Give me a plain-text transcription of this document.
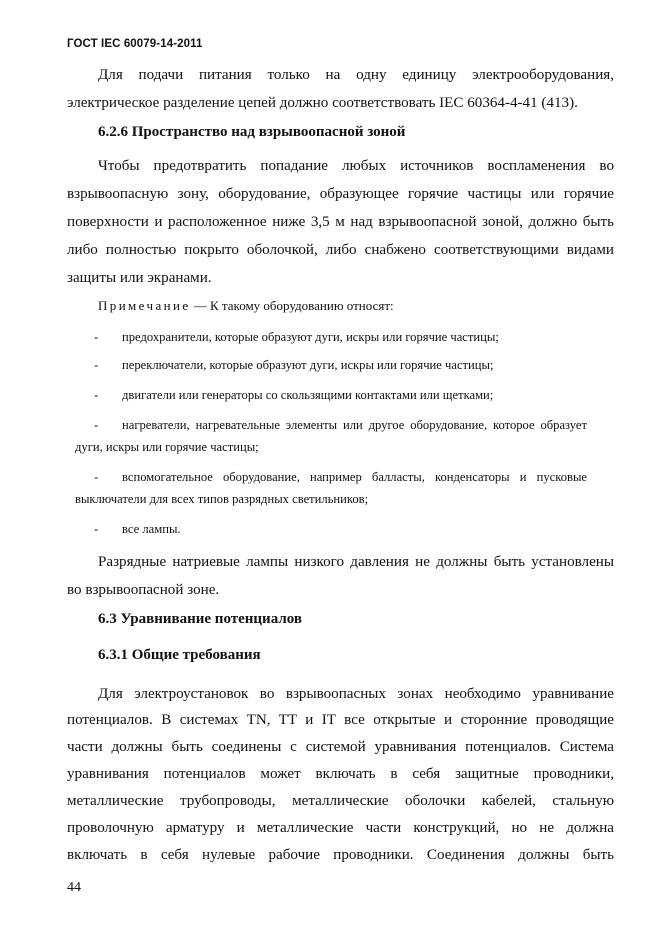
ГОСТ IEC 60079-14-2011
Для подачи питания только на одну единицу электрооборудования,
электрическое разделение цепей должно соответствовать IEC 60364-4-41 (413).
6.2.6 Пространство над взрывоопасной зоной
Чтобы предотвратить попадание любых источников воспламенения во
взрывоопасную зону, оборудование, образующее горячие частицы или горячие
поверхности и расположенное ниже 3,5 м над взрывоопасной зоной, должно быть
либо полностью покрыто оболочкой, либо снабжено соответствующими видами
защиты или экранами.
Примечание — К такому оборудованию относят:
- предохранители, которые образуют дуги, искры или горячие частицы;
- переключатели, которые образуют дуги, искры или горячие частицы;
- двигатели или генераторы со скользящими контактами или щетками;
-	нагреватели, нагревательные элементы или другое оборудование, которое образует
дуги, искры или горячие частицы;
-	вспомогательное оборудование, например балласты, конденсаторы и пусковые
выключатели для всех типов разрядных светильников;
- все лампы.
Разрядные натриевые лампы низкого давления не должны быть установлены
во взрывоопасной зоне.
6.3 Уравнивание потенциалов
6.3.1 Общие требования
Для электроустановок во взрывоопасных зонах необходимо уравнивание
потенциалов. В системах TN, TT и IT все открытые и сторонние проводящие
части должны быть соединены с системой уравнивания потенциалов. Система
уравнивания потенциалов может включать в себя защитные проводники,
металлические трубопроводы, металлические оболочки кабелей, стальную
проволочную арматуру и металлические части конструкций, но не должна
включать в себя нулевые рабочие проводники. Соединения должны быть
44
